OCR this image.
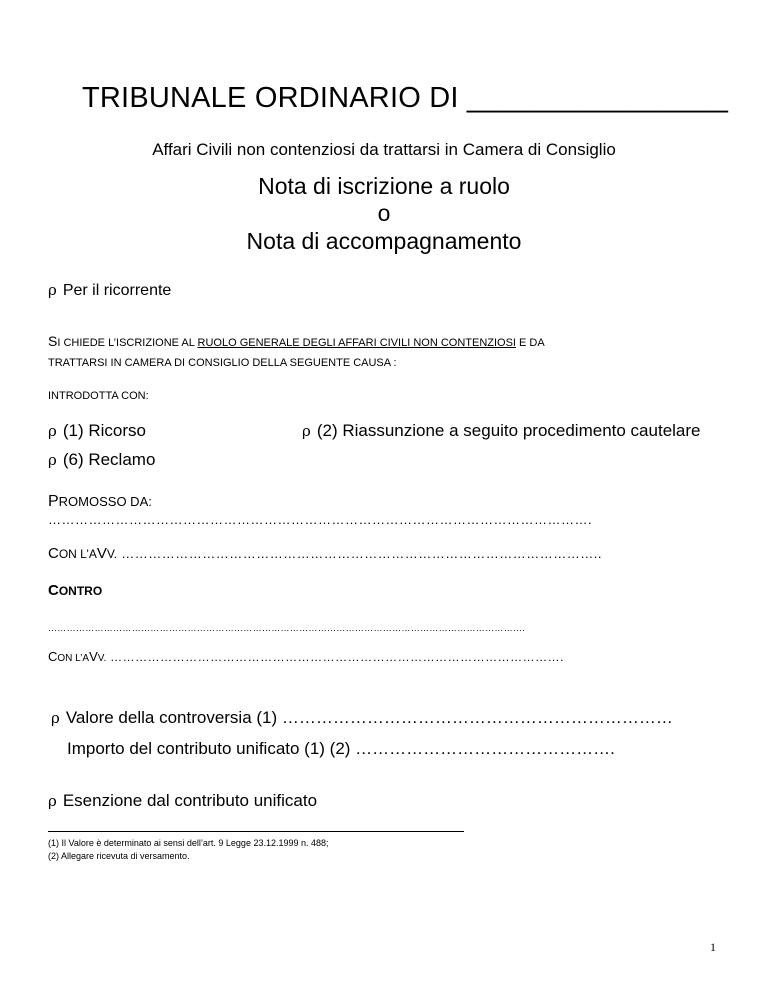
TRIBUNALE ORDINARIO DI ________________
Affari Civili non contenziosi da trattarsi in Camera di Consiglio
Nota di iscrizione a ruolo
o
Nota di accompagnamento
ρ Per il ricorrente
SI CHIEDE L’ISCRIZIONE AL RUOLO GENERALE DEGLI AFFARI CIVILI NON CONTENZIOSI E DA
TRATTARSI IN CAMERA DI CONSIGLIO DELLA SEGUENTE CAUSA :
INTRODOTTA CON:
ρ (1) Ricorso	ρ (2) Riassunzione a seguito procedimento cautelare
ρ (6) Reclamo
PROMOSSO DA:
………………………………………………………………………………………………………….
CON L’AVV. ……………………………………………………………………………………………..
CONTRO
……………………………………………………………………………………………………………………………………….
CON L’AVV. ……………………………………………………………………………………………….
ρ Valore della controversia (1) ……………………………………………………………
Importo del contributo unificato (1) (2) ……………………………………….
ρ Esenzione dal contributo unificato
(1) Il Valore è determinato ai sensi dell’art. 9 Legge 23.12.1999 n. 488;
(2) Allegare ricevuta di versamento.
1
